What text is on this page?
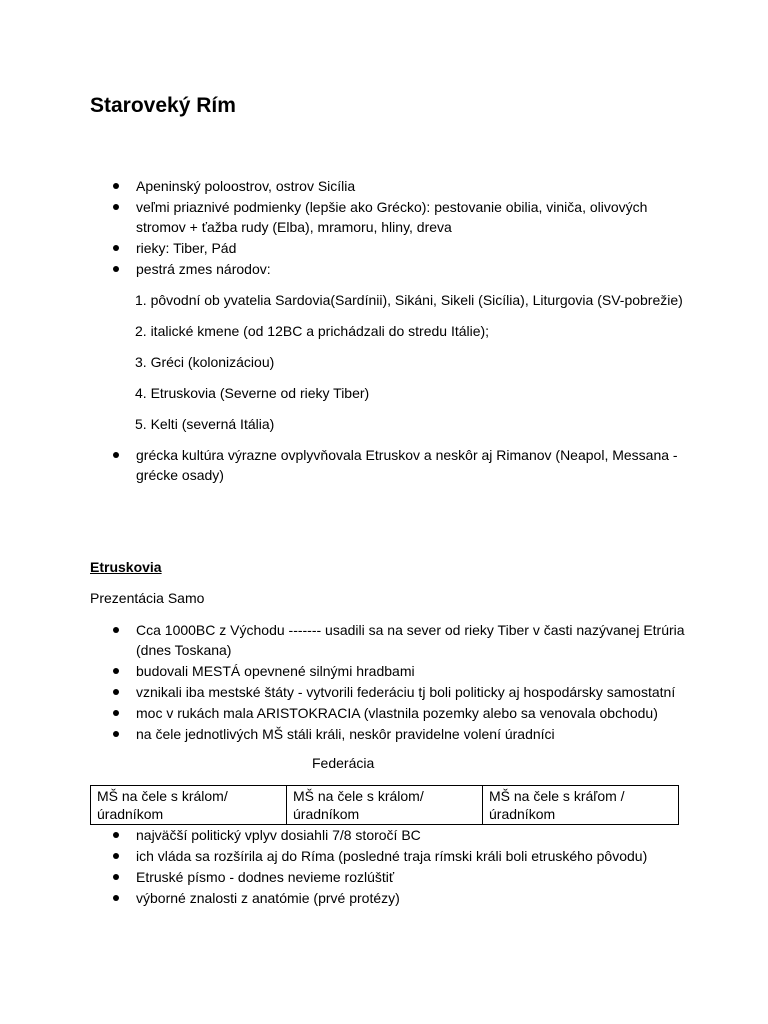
Staroveký Rím
Apeninský poloostrov, ostrov Sicília
veľmi priaznivé podmienky (lepšie ako Grécko): pestovanie obilia, viniča, olivových stromov + ťažba rudy (Elba), mramoru, hliny, dreva
rieky: Tiber, Pád
pestrá zmes národov:
1. pôvodní ob yvatelia Sardovia(Sardínii), Sikáni, Sikeli (Sicília), Liturgovia (SV-pobrežie)
2. italické kmene (od 12BC a prichádzali do stredu Itálie);
3. Gréci (kolonizáciou)
4. Etruskovia (Severne od rieky Tiber)
5. Kelti (severná Itália)
grécka kultúra výrazne ovplyvňovala Etruskov a neskôr aj Rimanov (Neapol, Messana - grécke osady)

Etruskovia

Prezentácia Samo

Cca 1000BC z Východu ------- usadili sa na sever od rieky Tiber v časti nazývanej Etrúria (dnes Toskana)
budovali MESTÁ opevnené silnými hradbami
vznikali iba mestské štáty - vytvorili federáciu tj boli politicky aj hospodársky samostatní
moc v rukách mala ARISTOKRACIA (vlastnila pozemky alebo sa venovala obchodu)
na čele jednotlivých MŠ stáli králi, neskôr pravidelne volení úradníci

Federácia

MŠ na čele s králom/úradníkom	MŠ na čele s králom/úradníkom	MŠ na čele s kráľom /úradníkom
najväčší politický vplyv dosiahli 7/8 storočí BC
ich vláda sa rozšírila aj do Ríma (posledné traja rímski králi boli etruského pôvodu)
Etruské písmo - dodnes nevieme rozlúštiť
výborné znalosti z anatómie (prvé protézy)
